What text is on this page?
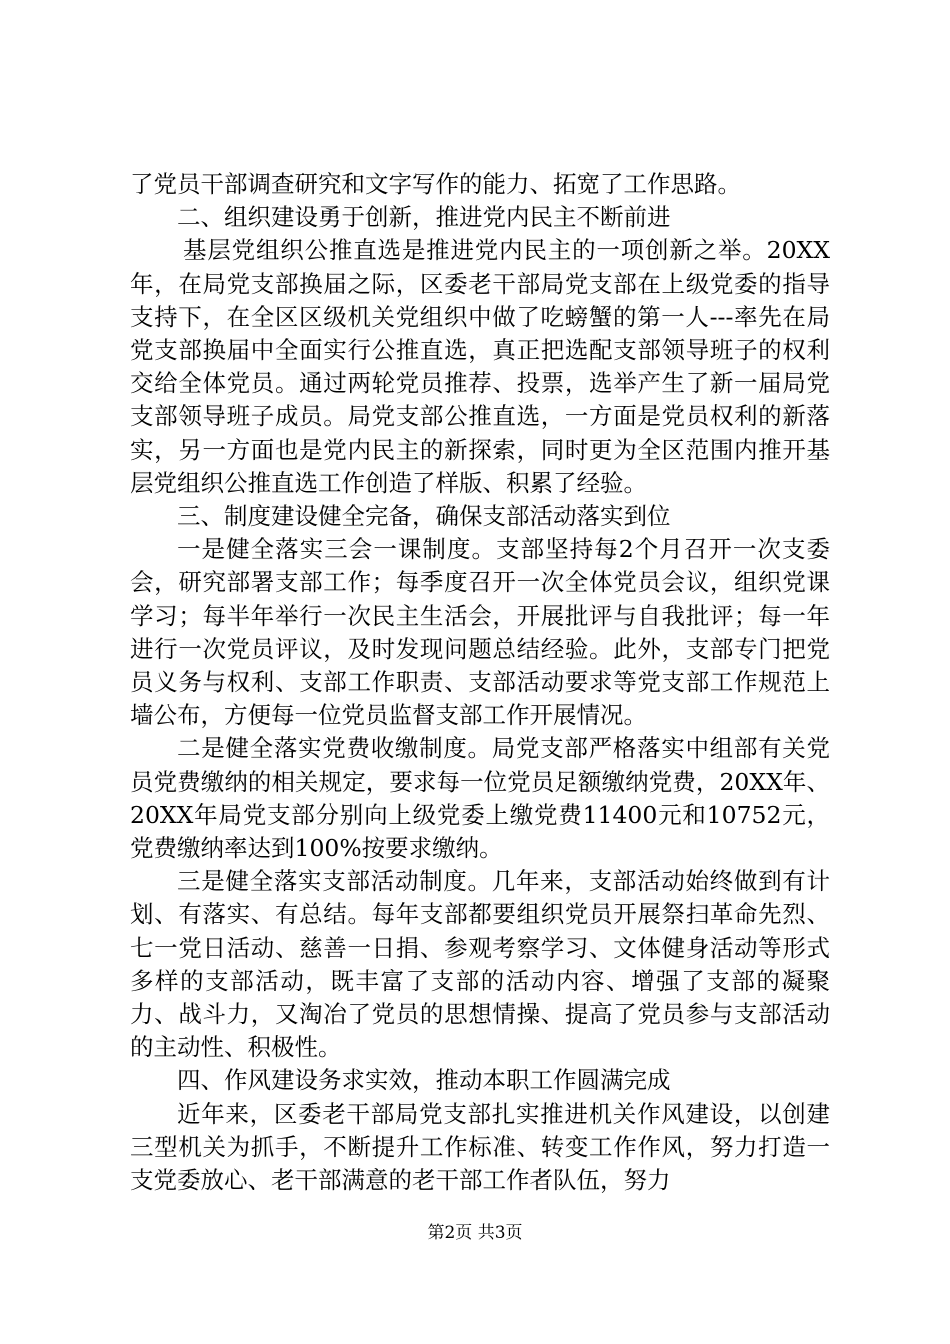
了党员干部调查研究和文字写作的能力、拓宽了工作思路。

二、组织建设勇于创新，推进党内民主不断前进

基层党组织公推直选是推进党内民主的一项创新之举。20XX年，在局党支部换届之际，区委老干部局党支部在上级党委的指导支持下，在全区区级机关党组织中做了吃螃蟹的第一人---率先在局党支部换届中全面实行公推直选，真正把选配支部领导班子的权利交给全体党员。通过两轮党员推荐、投票，选举产生了新一届局党支部领导班子成员。局党支部公推直选，一方面是党员权利的新落实，另一方面也是党内民主的新探索，同时更为全区范围内推开基层党组织公推直选工作创造了样版、积累了经验。

三、制度建设健全完备，确保支部活动落实到位

一是健全落实三会一课制度。支部坚持每2个月召开一次支委会，研究部署支部工作；每季度召开一次全体党员会议，组织党课学习；每半年举行一次民主生活会，开展批评与自我批评；每一年进行一次党员评议，及时发现问题总结经验。此外，支部专门把党员义务与权利、支部工作职责、支部活动要求等党支部工作规范上墙公布，方便每一位党员监督支部工作开展情况。

二是健全落实党费收缴制度。局党支部严格落实中组部有关党员党费缴纳的相关规定，要求每一位党员足额缴纳党费，20XX年、20XX年局党支部分别向上级党委上缴党费11400元和10752元，党费缴纳率达到100%按要求缴纳。

三是健全落实支部活动制度。几年来，支部活动始终做到有计划、有落实、有总结。每年支部都要组织党员开展祭扫革命先烈、七一党日活动、慈善一日捐、参观考察学习、文体健身活动等形式多样的支部活动，既丰富了支部的活动内容、增强了支部的凝聚力、战斗力，又淘冶了党员的思想情操、提高了党员参与支部活动的主动性、积极性。

四、作风建设务求实效，推动本职工作圆满完成

近年来，区委老干部局党支部扎实推进机关作风建设，以创建三型机关为抓手，不断提升工作标准、转变工作作风，努力打造一支党委放心、老干部满意的老干部工作者队伍，努力

第2页 共3页
